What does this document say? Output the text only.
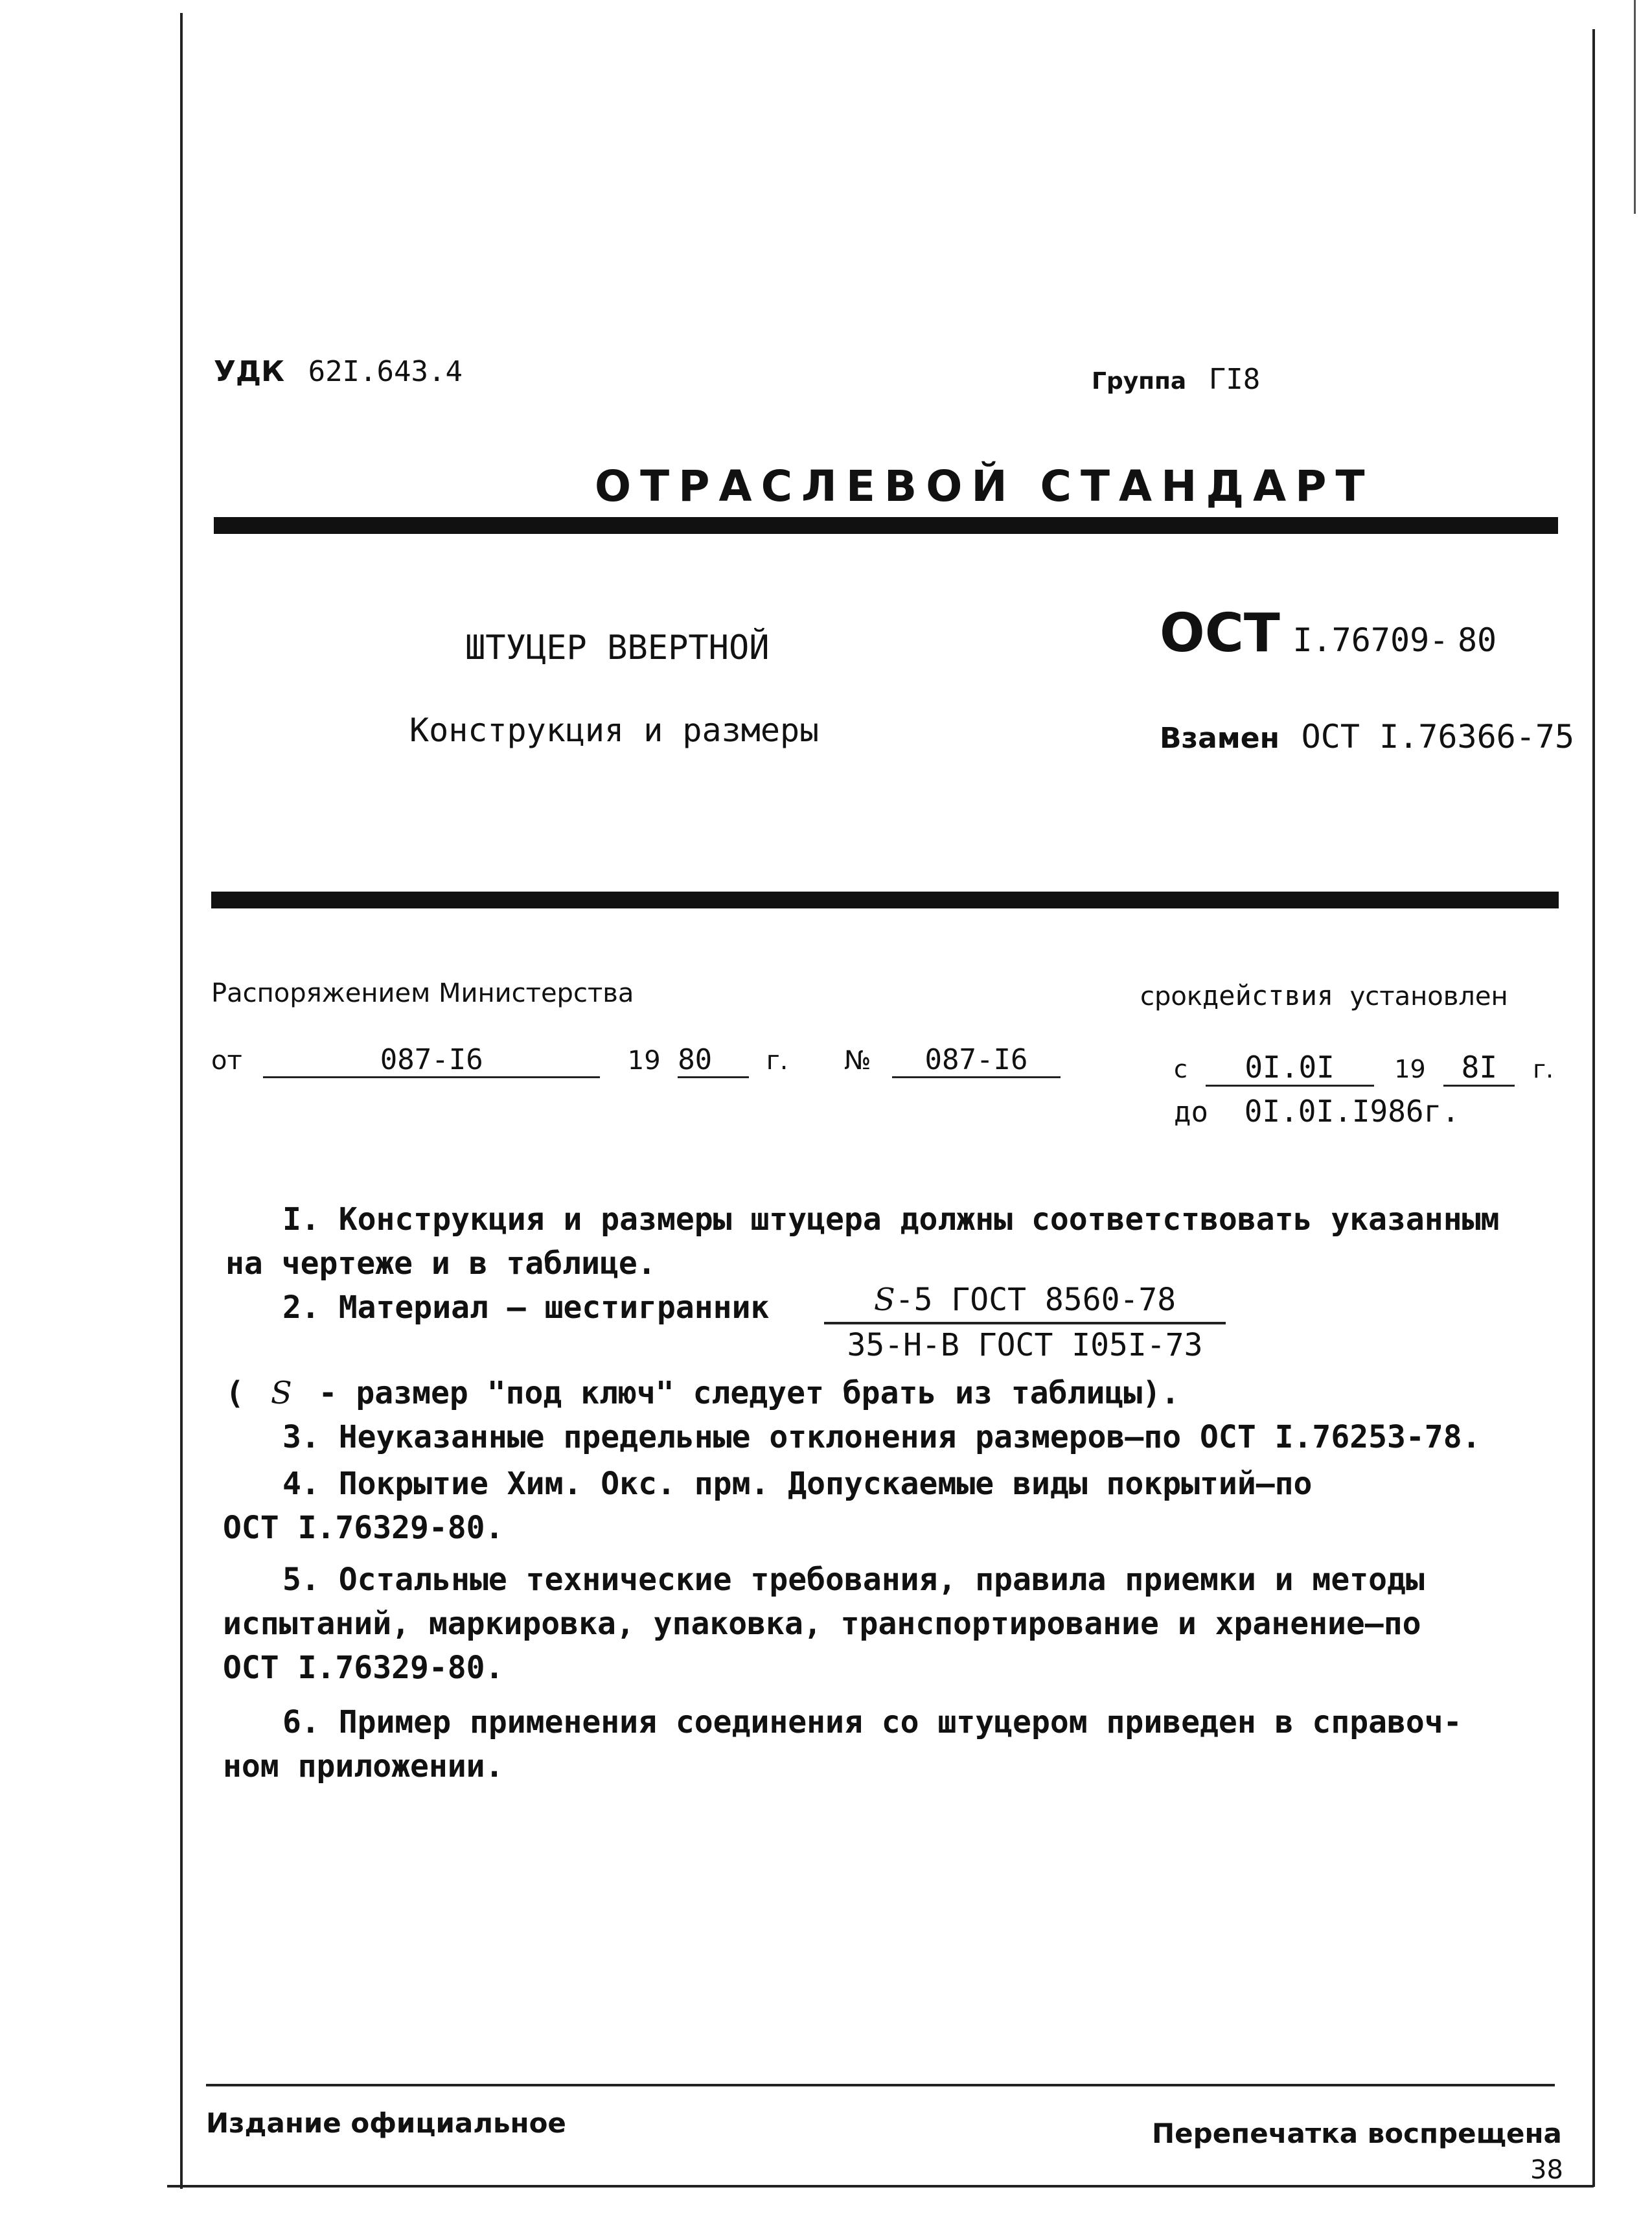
УДК 62I.643.4	Группа ГI8
ОТРАСЛЕВОЙ СТАНДАРТ
ШТУЦЕР ВВЕРТНОЙ
Конструкция и размеры
ОСТ I.76709- 80
Взамен ОСТ I.76366-75
Распоряжением Министерства
от	087-I6	19 80 г. № 087-I6
срокдействия установлен
с 0I.0I 19 8I г.
до 0I.0I.I986г.
I. Конструкция и размеры штуцера должны соответствовать указанным
на чертеже и в таблице.
2. Материал – шестигранник	S-5 ГОСТ 8560-78
35-Н-В ГОСТ I05I-73
( S - размер "под ключ" следует брать из таблицы).
3. Неуказанные предельные отклонения размеров–по ОСТ I.76253-78.
4. Покрытие Хим. Окс. прм. Допускаемые виды покрытий–по
ОСТ I.76329-80.
5. Остальные технические требования, правила приемки и методы
испытаний, маркировка, упаковка, транспортирование и хранение–по
ОСТ I.76329-80.
6. Пример применения соединения со штуцером приведен в справоч-
ном приложении.
Издание официальное	Перепечатка воспрещена
38
